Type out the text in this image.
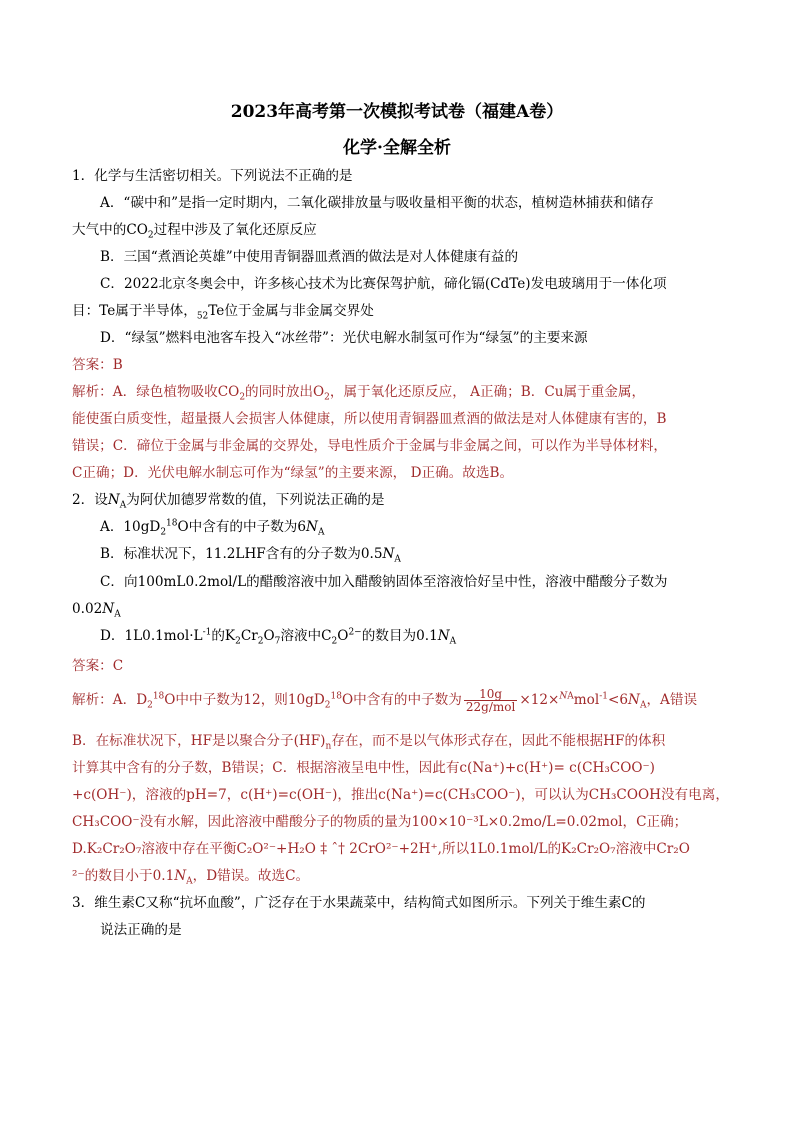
2023年高考第一次模拟考试卷（福建A卷）
化学·全解全析
1．化学与生活密切相关。下列说法不正确的是
A．“碳中和”是指一定时期内，二氧化碳排放量与吸收量相平衡的状态，植树造林捕获和储存
大气中的$CO_2$过程中涉及了氧化还原反应
B．三国“煮酒论英雄”中使用青铜器皿煮酒的做法是对人体健康有益的
C．2022北京冬奥会中，许多核心技术为比赛保驾护航，碲化镉(CdTe)发电玻璃用于一体化项
目：Te属于半导体，$_{52}$Te位于金属与非金属交界处
D．“绿氢”燃料电池客车投入“冰丝带”：光伏电解水制氢可作为“绿氢”的主要来源
答案：B
解析：A．绿色植物吸收$CO_2$的同时放出$O_2$，属于氧化还原反应， A正确；B．Cu属于重金属，
能使蛋白质变性，超量摄人会损害人体健康，所以使用青铜器皿煮酒的做法是对人体健康有害的，B
错误；C．碲位于金属与非金属的交界处，导电性质介于金属与非金属之间，可以作为半导体材料，
C正确；D．光伏电解水制忘可作为“绿氢”的主要来源， D正确。故选B。
2．设$N_A$为阿伏加德罗常数的值，下列说法正确的是
A．$10gD_2^{18}O$中含有的中子数为$6N_A$
B．标准状况下，11.2LHF含有的分子数为$0.5N_A$
C．向100mL0.2mol/L的醋酸溶液中加入醋酸钠固体至溶液恰好呈中性，溶液中醋酸分子数为
$0.02N_A$
D．$1L0.1mol\cdot L^{-1}$的$K_2Cr_2O_7$溶液中$C_2O^{2-}$的数目为$0.1N_A$
答案：C
解析：A．$D_2^{18}O$中中子数为12，则$10gD_2^{18}O$中含有的中子数为 $\frac{10g}{\text{22g/mol}} \times 12\times^{NA}mol^{-1}<6N_A$，A错误
B．在标准状况下，HF是以聚合分子$(HF)_n$存在，而不是以气体形式存在，因此不能根据HF的体积
计算其中含有的分子数，B错误；C．根据溶液呈电中性，因此有c(Na⁺)+c(H⁺)= c(CH₃COO⁻)
+c(OH⁻)，溶液的pH=7，c(H⁺)=c(OH⁻)，推出c(Na⁺)=c(CH₃COO⁻)，可以认为CH₃COOH没有电离，
CH₃COO⁻没有水解，因此溶液中醋酸分子的物质的量为100×10⁻³L×0.2mo/L=0.02mol，C正确；
D.K₂Cr₂O₇溶液中存在平衡C₂O²⁻+H₂O ‡ ˆ† 2CrO²⁻+2H⁺,所以1L0.1mol/L的K₂Cr₂O₇溶液中Cr₂O
²⁻的数目小于$0.1N_A$，D错误。故选C。
3．维生素C又称“抗坏血酸”，广泛存在于水果蔬菜中，结构简式如图所示。下列关于维生素C的
说法正确的是
